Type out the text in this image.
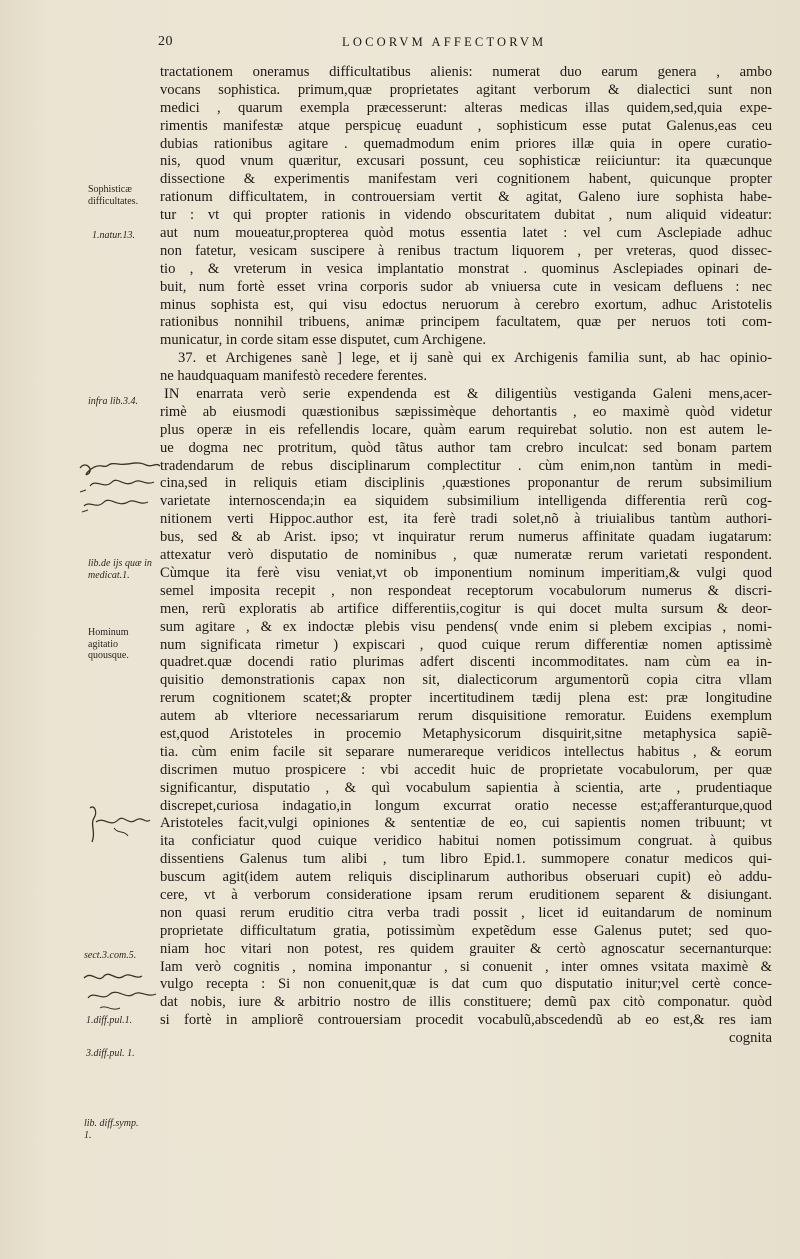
20	LOCORVM AFFECTORVM
tractationem oneramus difficultatibus alienis: numerat duo earum genera , ambo
vocans sophistica. primum,quæ proprietates agitant verborum & dialectici sunt non
medici , quarum exempla præcesserunt: alteras medicas illas quidem,sed,quia expe-
rimentis manifestæ atque perspicuę euadunt , sophisticum esse putat Galenus,eas ceu
dubias rationibus agitare . quemadmodum enim priores illæ quia in opere curatio-
nis, quod vnum quæritur, excusari possunt, ceu sophisticæ reiiciuntur: ita quæcunque
dissectione & experimentis manifestam veri cognitionem habent, quicunque propter
rationum difficultatem, in controuersiam vertit & agitat, Galeno iure sophista habe-
tur : vt qui propter rationis in videndo obscuritatem dubitat , num aliquid videatur:
aut num moueatur,propterea quòd motus essentia latet : vel cum Asclepiade adhuc
non fatetur, vesicam suscipere à renibus tractum liquorem , per vreteras, quod dissec-
tio , & vreterum in vesica implantatio monstrat . quominus Asclepiades opinari de-
buit, num fortè esset vrina corporis sudor ab vniuersa cute in vesicam defluens : nec
minus sophista est, qui visu edoctus neruorum à cerebro exortum, adhuc Aristotelis
rationibus nonnihil tribuens, animæ principem facultatem, quæ per neruos toti com-
municatur, in corde sitam esse disputet, cum Archigene.
37. et Archigenes sanè ] lege, et ij sanè qui ex Archigenis familia sunt, ab hac opinio-
ne haudquaquam manifestò recedere ferentes.
IN enarrata verò serie expendenda est & diligentiùs vestiganda Galeni mens,acer-
rimè ab eiusmodi quæstionibus sæpissimèque dehortantis , eo maximè quòd videtur
plus operæ in eis refellendis locare, quàm earum requirebat solutio. non est autem le-
ue dogma nec protritum, quòd tãtus author tam crebro inculcat: sed bonam partem
tradendarum de rebus disciplinarum complectitur . cùm enim,non tantùm in medi-
cina,sed in reliquis etiam disciplinis ,quæstiones proponantur de rerum subsimilium
varietate internoscenda;in ea siquidem subsimilium intelligenda differentia rerũ cog-
nitionem verti Hippoc.author est, ita ferè tradi solet,nõ à triuialibus tantùm authori-
bus, sed & ab Arist. ipso; vt inquiratur rerum numerus affinitate quadam iugatarum:
attexatur verò disputatio de nominibus , quæ numeratæ rerum varietati respondent.
Cùmque ita ferè visu veniat,vt ob imponentium nominum imperitiam,& vulgi quod
semel imposita recepit , non respondeat receptorum vocabulorum numerus & discri-
men, rerũ exploratis ab artifice differentiis,cogitur is qui docet multa sursum & deor-
sum agitare , & ex indoctæ plebis visu pendens( vnde enim si plebem excipias , nomi-
num significata rimetur ) expiscari , quod cuique rerum differentiæ nomen aptissimè
quadret.quæ docendi ratio plurimas adfert discenti incommoditates. nam cùm ea in-
quisitio demonstrationis capax non sit, dialecticorum argumentorũ copia citra vllam
rerum cognitionem scatet;& propter incertitudinem tædij plena est: præ longitudine
autem ab vlteriore necessariarum rerum disquisitione remoratur. Euidens exemplum
est,quod Aristoteles in procemio Metaphysicorum disquirit,sitne metaphysica sapiẽ-
tia. cùm enim facile sit separare numerareque veridicos intellectus habitus , & eorum
discrimen mutuo prospicere : vbi accedit huic de proprietate vocabulorum, per quæ
significantur, disputatio , & quì vocabulum sapientia à scientia, arte , prudentiaque
discrepet,curiosa indagatio,in longum excurrat oratio necesse est;afferanturque,quod
Aristoteles facit,vulgi opiniones & sententiæ de eo, cui sapientis nomen tribuunt; vt
ita conficiatur quod cuique veridico habitui nomen potissimum congruat. à quibus
dissentiens Galenus tum alibi , tum libro Epid.1. summopere conatur medicos qui-
buscum agit(idem autem reliquis disciplinarum authoribus obseruari cupit) eò addu-
cere, vt à verborum consideratione ipsam rerum eruditionem separent & disiungant.
non quasi rerum eruditio citra verba tradi possit , licet id euitandarum de nominum
proprietate difficultatum gratia, potissimùm expetẽdum esse Galenus putet; sed quo-
niam hoc vitari non potest, res quidem grauiter & certò agnoscatur secernanturque:
Iam verò cognitis , nomina imponantur , si conuenit , inter omnes vsitata maximè &
vulgo recepta : Si non conuenit,quæ is dat cum quo disputatio initur;vel certè conce-
dat nobis, iure & arbitrio nostro de illis constituere; demũ pax citò componatur. quòd
si fortè in ampliorẽ controuersiam procedit vocabulũ,abscedendũ ab eo est,& res iam
cognita
Sophisticæ difficultates.
1.natur.13.
infra lib.3.4.
lib.de ijs quæ in medicat.1.
Hominum agitatio quousque.
sect.3.com.5.
1.diff.pul.1.
3.diff.pul. 1.
lib. diff.symp. 1.
